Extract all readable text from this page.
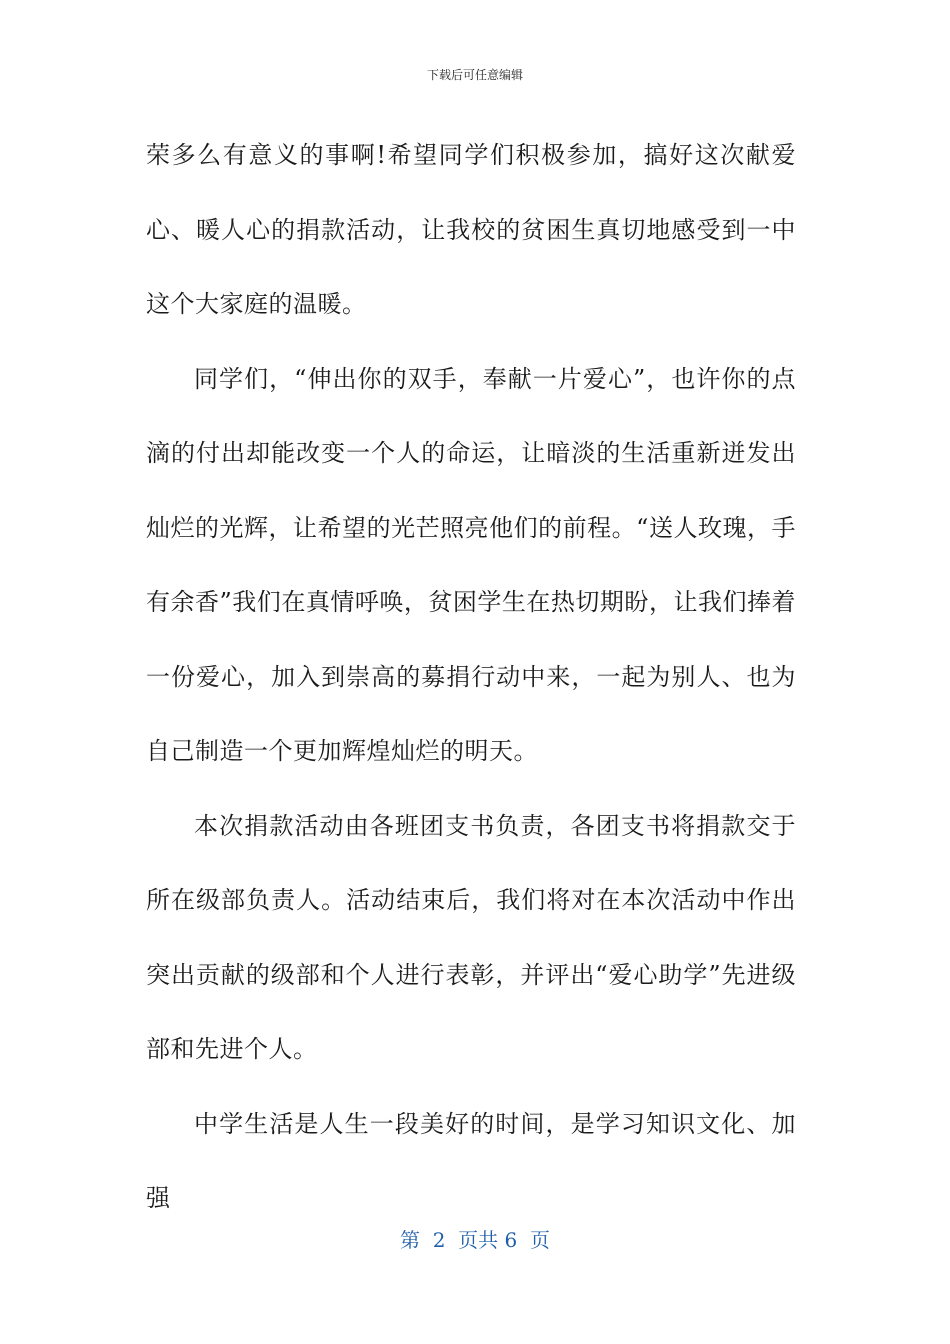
下载后可任意编辑

荣多么有意义的事啊!希望同学们积极参加，搞好这次献爱心、暖人心的捐款活动，让我校的贫困生真切地感受到一中这个大家庭的温暖。

同学们，“伸出你的双手，奉献一片爱心”，也许你的点滴的付出却能改变一个人的命运，让暗淡的生活重新迸发出灿烂的光辉，让希望的光芒照亮他们的前程。“送人玫瑰，手有余香”我们在真情呼唤，贫困学生在热切期盼，让我们捧着一份爱心，加入到崇高的募捐行动中来，一起为别人、也为自己制造一个更加辉煌灿烂的明天。

本次捐款活动由各班团支书负责，各团支书将捐款交于所在级部负责人。活动结束后，我们将对在本次活动中作出突出贡献的级部和个人进行表彰，并评出“爱心助学”先进级部和先进个人。

中学生活是人生一段美好的时间，是学习知识文化、加强

第  2  页共 6  页
